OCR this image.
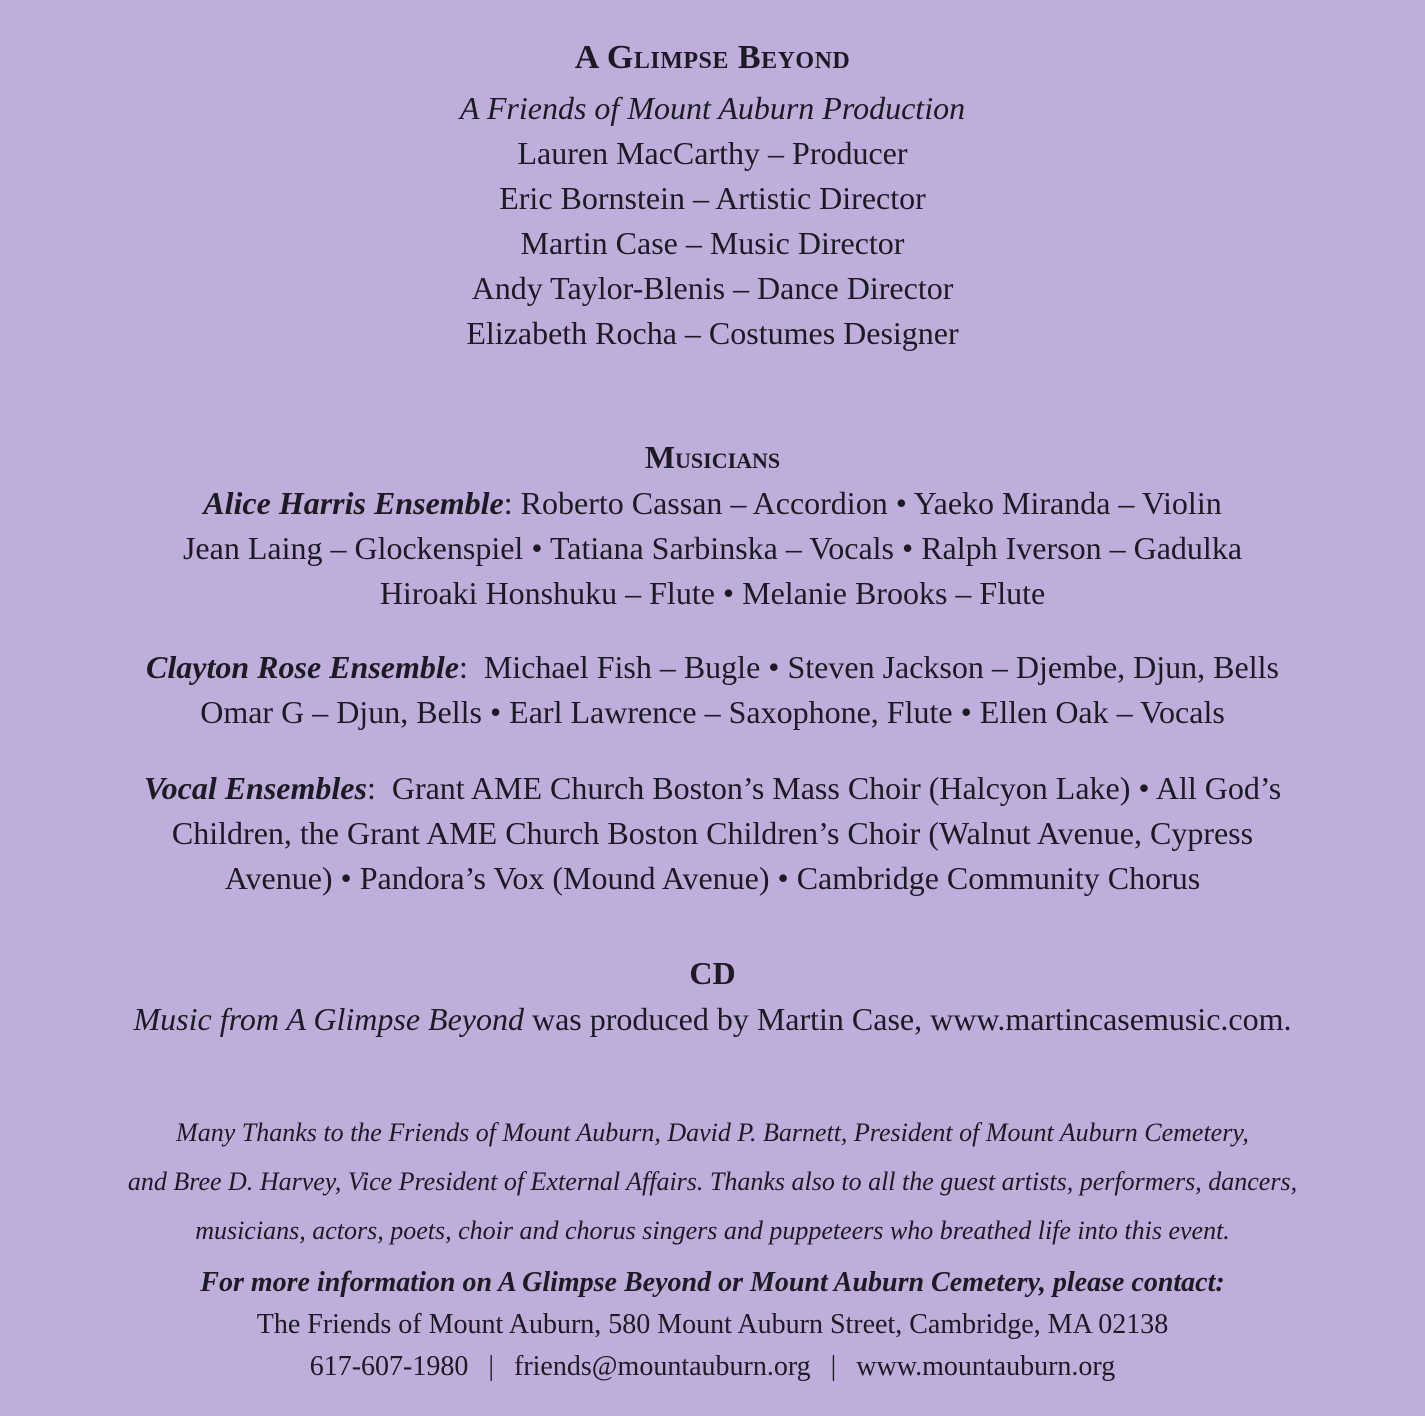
A Glimpse Beyond
A Friends of Mount Auburn Production
Lauren MacCarthy – Producer
Eric Bornstein – Artistic Director
Martin Case – Music Director
Andy Taylor-Blenis – Dance Director
Elizabeth Rocha – Costumes Designer
Musicians
Alice Harris Ensemble: Roberto Cassan – Accordion • Yaeko Miranda – Violin
Jean Laing – Glockenspiel • Tatiana Sarbinska – Vocals • Ralph Iverson – Gadulka
Hiroaki Honshuku – Flute • Melanie Brooks – Flute
Clayton Rose Ensemble:  Michael Fish – Bugle • Steven Jackson – Djembe, Djun, Bells
Omar G – Djun, Bells • Earl Lawrence – Saxophone, Flute • Ellen Oak – Vocals
Vocal Ensembles:  Grant AME Church Boston’s Mass Choir (Halcyon Lake) • All God’s
Children, the Grant AME Church Boston Children’s Choir (Walnut Avenue, Cypress
Avenue) • Pandora’s Vox (Mound Avenue) • Cambridge Community Chorus
CD
Music from A Glimpse Beyond was produced by Martin Case, www.martincasemusic.com.
Many Thanks to the Friends of Mount Auburn, David P. Barnett, President of Mount Auburn Cemetery,
and Bree D. Harvey, Vice President of External Affairs. Thanks also to all the guest artists, performers, dancers,
musicians, actors, poets, choir and chorus singers and puppeteers who breathed life into this event.
For more information on A Glimpse Beyond or Mount Auburn Cemetery, please contact:
The Friends of Mount Auburn, 580 Mount Auburn Street, Cambridge, MA 02138
617-607-1980 | friends@mountauburn.org | www.mountauburn.org
